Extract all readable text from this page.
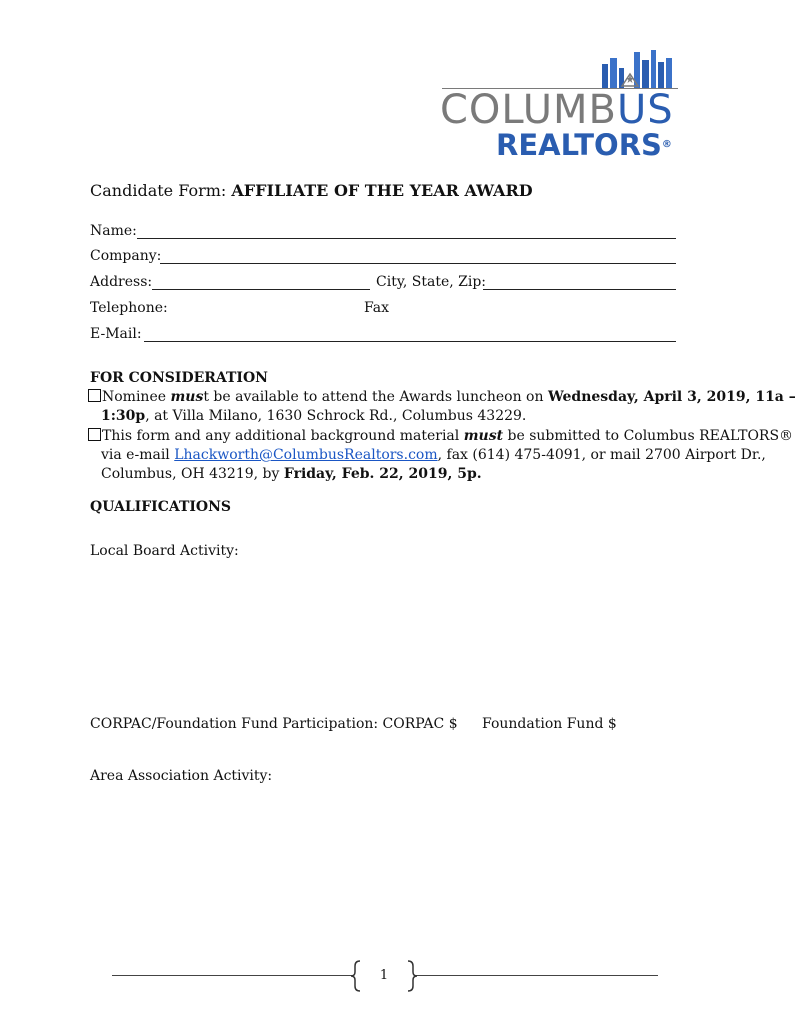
COLUMBUS
REALTORS®
Candidate Form: AFFILIATE OF THE YEAR AWARD
Name:
Company:
Address:	City, State, Zip:
Telephone:	Fax
E-Mail:
FOR CONSIDERATION
Nominee must be available to attend the Awards luncheon on Wednesday, April 3, 2019, 11a –
1:30p, at Villa Milano, 1630 Schrock Rd., Columbus 43229.
This form and any additional background material must be submitted to Columbus REALTORS®
via e-mail Lhackworth@ColumbusRealtors.com, fax (614) 475-4091, or mail 2700 Airport Dr.,
Columbus, OH 43219, by Friday, Feb. 22, 2019, 5p.
QUALIFICATIONS
Local Board Activity:
CORPAC/Foundation Fund Participation: CORPAC $ Foundation Fund $
Area Association Activity:
1
